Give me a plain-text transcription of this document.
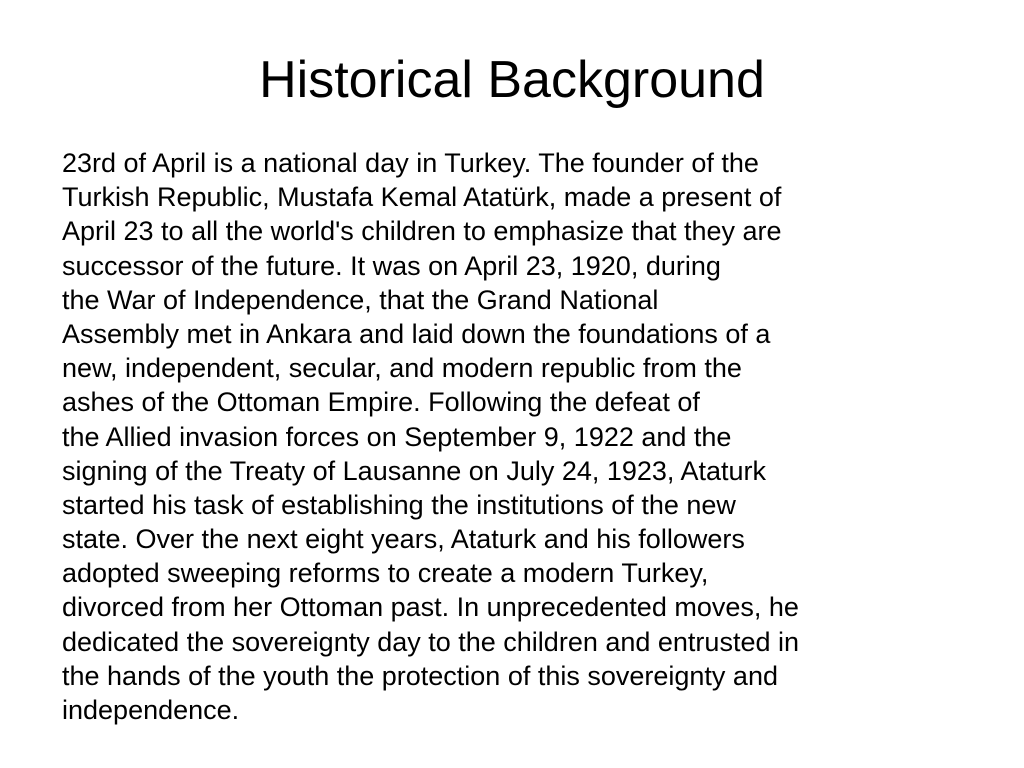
Historical Background
23rd of April is a national day in Turkey. The founder of the
Turkish Republic, Mustafa Kemal Atatürk, made a present of
April 23 to all the world's children to emphasize that they are
successor of the future. It was on April 23, 1920, during
the War of Independence, that the Grand National
Assembly met in Ankara and laid down the foundations of a
new, independent, secular, and modern republic from the
ashes of the Ottoman Empire. Following the defeat of
the Allied invasion forces on September 9, 1922 and the
signing of the Treaty of Lausanne on July 24, 1923, Ataturk
started his task of establishing the institutions of the new
state. Over the next eight years, Ataturk and his followers
adopted sweeping reforms to create a modern Turkey,
divorced from her Ottoman past. In unprecedented moves, he
dedicated the sovereignty day to the children and entrusted in
the hands of the youth the protection of this sovereignty and
independence.
